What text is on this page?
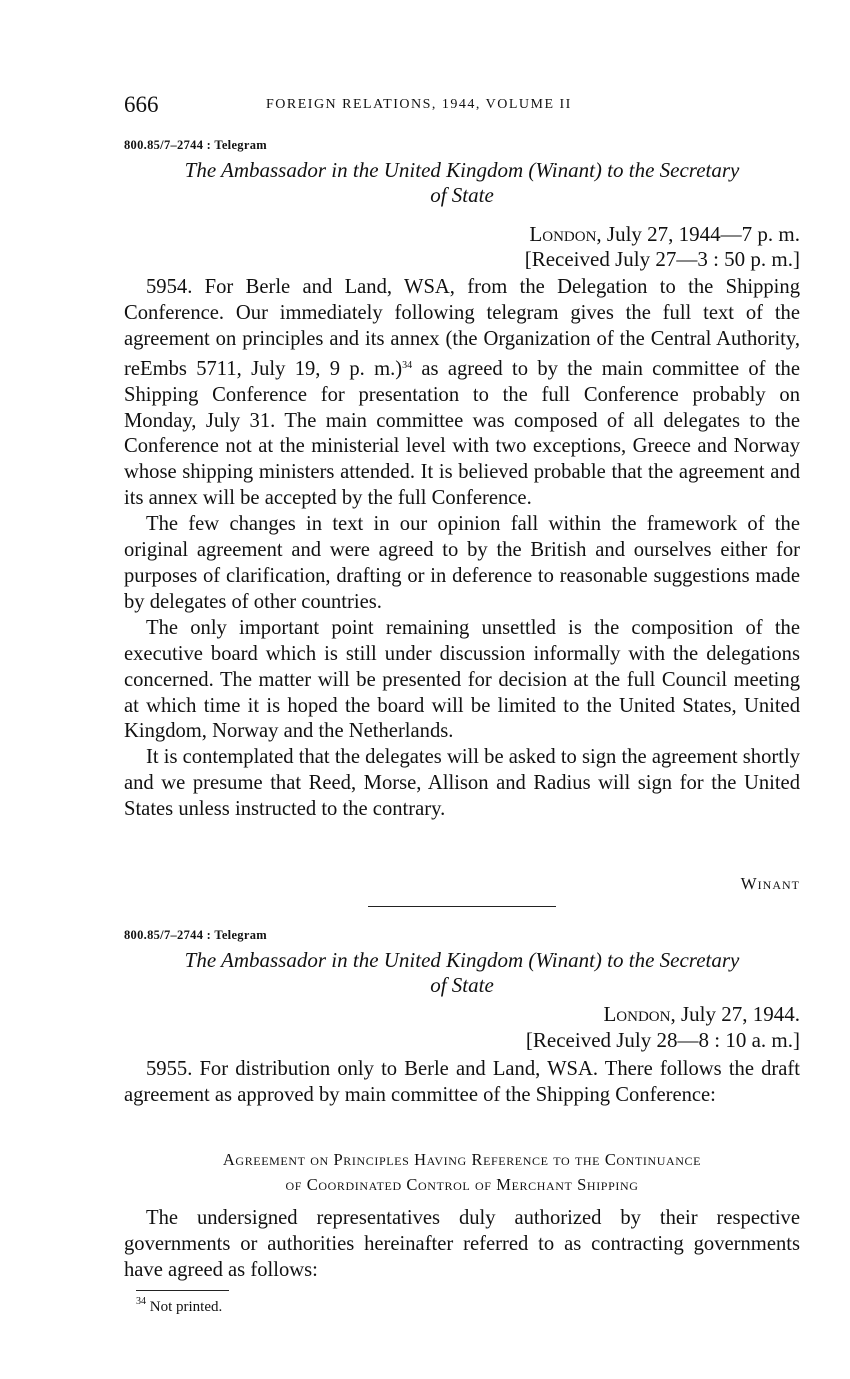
666	FOREIGN RELATIONS, 1944, VOLUME II
800.85/7–2744 : Telegram
The Ambassador in the United Kingdom (Winant) to the Secretary
of State
London, July 27, 1944—7 p. m.
[Received July 27—3 : 50 p. m.]

5954. For Berle and Land, WSA, from the Delegation to the Shipping Conference. Our immediately following telegram gives the full text of the agreement on principles and its annex (the Organization of the Central Authority, reEmbs 5711, July 19, 9 p. m.)$^{34}$ as agreed to by the main committee of the Shipping Conference for presentation to the full Conference probably on Monday, July 31. The main committee was composed of all delegates to the Conference not at the ministerial level with two exceptions, Greece and Norway whose shipping ministers attended. It is believed probable that the agreement and its annex will be accepted by the full Conference.

The few changes in text in our opinion fall within the framework of the original agreement and were agreed to by the British and ourselves either for purposes of clarification, drafting or in deference to reasonable suggestions made by delegates of other countries.

The only important point remaining unsettled is the composition of the executive board which is still under discussion informally with the delegations concerned. The matter will be presented for decision at the full Council meeting at which time it is hoped the board will be limited to the United States, United Kingdom, Norway and the Netherlands.

It is contemplated that the delegates will be asked to sign the agreement shortly and we presume that Reed, Morse, Allison and Radius will sign for the United States unless instructed to the contrary.

Winant
800.85/7–2744 : Telegram
The Ambassador in the United Kingdom (Winant) to the Secretary
of State
London, July 27, 1944.
[Received July 28—8 : 10 a. m.]

5955. For distribution only to Berle and Land, WSA. There follows the draft agreement as approved by main committee of the Shipping Conference:

Agreement on Principles Having Reference to the Continuance
of Coordinated Control of Merchant Shipping

The undersigned representatives duly authorized by their respective governments or authorities hereinafter referred to as contracting governments have agreed as follows:

$^{34}$ Not printed.
